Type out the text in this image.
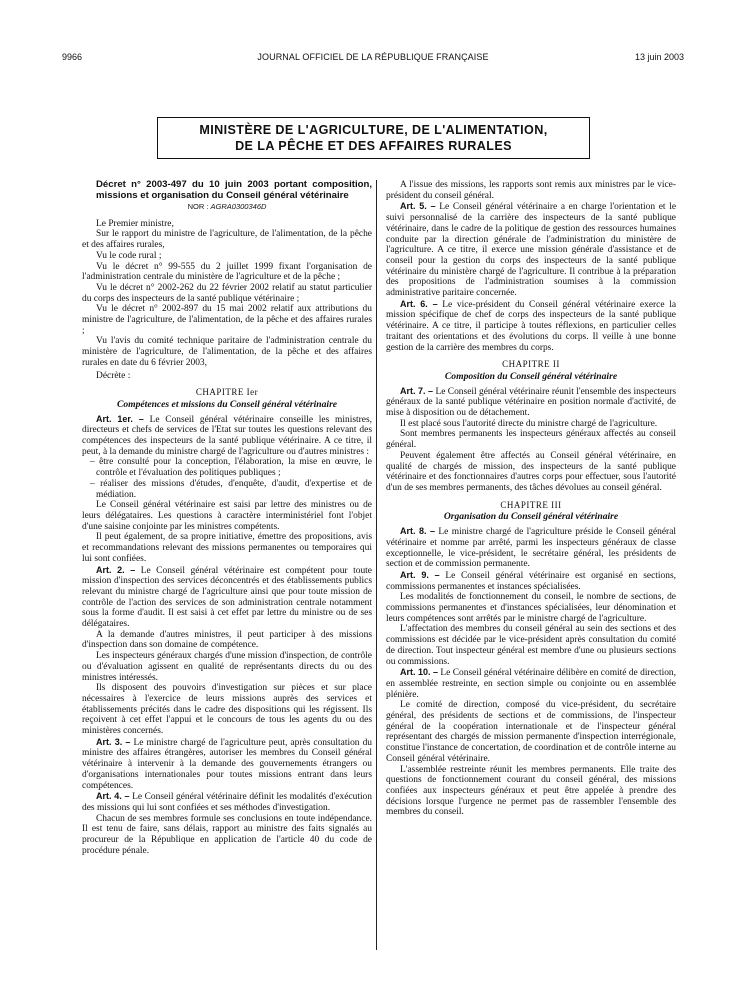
9966	JOURNAL OFFICIEL DE LA RÉPUBLIQUE FRANÇAISE	13 juin 2003
MINISTÈRE DE L'AGRICULTURE, DE L'ALIMENTATION,
DE LA PÊCHE ET DES AFFAIRES RURALES
Décret n° 2003-497 du 10 juin 2003 portant composition, missions et organisation du Conseil général vétérinaire
NOR : AGRA0300346D

Le Premier ministre,

Sur le rapport du ministre de l'agriculture, de l'alimentation, de la pêche et des affaires rurales,

Vu le code rural ;

Vu le décret n° 99-555 du 2 juillet 1999 fixant l'organisation de l'administration centrale du ministère de l'agriculture et de la pêche ;

Vu le décret n° 2002-262 du 22 février 2002 relatif au statut particulier du corps des inspecteurs de la santé publique vétérinaire ;

Vu le décret n° 2002-897 du 15 mai 2002 relatif aux attributions du ministre de l'agriculture, de l'alimentation, de la pêche et des affaires rurales ;

Vu l'avis du comité technique paritaire de l'administration centrale du ministère de l'agriculture, de l'alimentation, de la pêche et des affaires rurales en date du 6 février 2003,

Décrète :

CHAPITRE Ier
Compétences et missions du Conseil général vétérinaire

Art. 1er. – Le Conseil général vétérinaire conseille les ministres, directeurs et chefs de services de l'Etat sur toutes les questions relevant des compétences des inspecteurs de la santé publique vétérinaire. A ce titre, il peut, à la demande du ministre chargé de l'agriculture ou d'autres ministres :

– être consulté pour la conception, l'élaboration, la mise en œuvre, le contrôle et l'évaluation des politiques publiques ;

– réaliser des missions d'études, d'enquête, d'audit, d'expertise et de médiation.

Le Conseil général vétérinaire est saisi par lettre des ministres ou de leurs délégataires. Les questions à caractère interministériel font l'objet d'une saisine conjointe par les ministres compétents.

Il peut également, de sa propre initiative, émettre des propositions, avis et recommandations relevant des missions permanentes ou temporaires qui lui sont confiées.

Art. 2. – Le Conseil général vétérinaire est compétent pour toute mission d'inspection des services déconcentrés et des établissements publics relevant du ministre chargé de l'agriculture ainsi que pour toute mission de contrôle de l'action des services de son administration centrale notamment sous la forme d'audit. Il est saisi à cet effet par lettre du ministre ou de ses délégataires.

A la demande d'autres ministres, il peut participer à des missions d'inspection dans son domaine de compétence.

Les inspecteurs généraux chargés d'une mission d'inspection, de contrôle ou d'évaluation agissent en qualité de représentants directs du ou des ministres intéressés.

Ils disposent des pouvoirs d'investigation sur pièces et sur place nécessaires à l'exercice de leurs missions auprès des services et établissements précités dans le cadre des dispositions qui les régissent. Ils reçoivent à cet effet l'appui et le concours de tous les agents du ou des ministères concernés.

Art. 3. – Le ministre chargé de l'agriculture peut, après consultation du ministre des affaires étrangères, autoriser les membres du Conseil général vétérinaire à intervenir à la demande des gouvernements étrangers ou d'organisations internationales pour toutes missions entrant dans leurs compétences.

Art. 4. – Le Conseil général vétérinaire définit les modalités d'exécution des missions qui lui sont confiées et ses méthodes d'investigation.

Chacun de ses membres formule ses conclusions en toute indépendance. Il est tenu de faire, sans délais, rapport au ministre des faits signalés au procureur de la République en application de l'article 40 du code de procédure pénale.

A l'issue des missions, les rapports sont remis aux ministres par le vice-président du conseil général.

Art. 5. – Le Conseil général vétérinaire a en charge l'orientation et le suivi personnalisé de la carrière des inspecteurs de la santé publique vétérinaire, dans le cadre de la politique de gestion des ressources humaines conduite par la direction générale de l'administration du ministère de l'agriculture. A ce titre, il exerce une mission générale d'assistance et de conseil pour la gestion du corps des inspecteurs de la santé publique vétérinaire du ministère chargé de l'agriculture. Il contribue à la préparation des propositions de l'administration soumises à la commission administrative paritaire concernée.

Art. 6. – Le vice-président du Conseil général vétérinaire exerce la mission spécifique de chef de corps des inspecteurs de la santé publique vétérinaire. A ce titre, il participe à toutes réflexions, en particulier celles traitant des orientations et des évolutions du corps. Il veille à une bonne gestion de la carrière des membres du corps.

CHAPITRE II
Composition du Conseil général vétérinaire

Art. 7. – Le Conseil général vétérinaire réunit l'ensemble des inspecteurs généraux de la santé publique vétérinaire en position normale d'activité, de mise à disposition ou de détachement.

Il est placé sous l'autorité directe du ministre chargé de l'agriculture.

Sont membres permanents les inspecteurs généraux affectés au conseil général.

Peuvent également être affectés au Conseil général vétérinaire, en qualité de chargés de mission, des inspecteurs de la santé publique vétérinaire et des fonctionnaires d'autres corps pour effectuer, sous l'autorité d'un de ses membres permanents, des tâches dévolues au conseil général.

CHAPITRE III
Organisation du Conseil général vétérinaire

Art. 8. – Le ministre chargé de l'agriculture préside le Conseil général vétérinaire et nomme par arrêté, parmi les inspecteurs généraux de classe exceptionnelle, le vice-président, le secrétaire général, les présidents de section et de commission permanente.

Art. 9. – Le Conseil général vétérinaire est organisé en sections, commissions permanentes et instances spécialisées.

Les modalités de fonctionnement du conseil, le nombre de sections, de commissions permanentes et d'instances spécialisées, leur dénomination et leurs compétences sont arrêtés par le ministre chargé de l'agriculture.

L'affectation des membres du conseil général au sein des sections et des commissions est décidée par le vice-président après consultation du comité de direction. Tout inspecteur général est membre d'une ou plusieurs sections ou commissions.

Art. 10. – Le Conseil général vétérinaire délibère en comité de direction, en assemblée restreinte, en section simple ou conjointe ou en assemblée plénière.

Le comité de direction, composé du vice-président, du secrétaire général, des présidents de sections et de commissions, de l'inspecteur général de la coopération internationale et de l'inspecteur général représentant des chargés de mission permanente d'inspection interrégionale, constitue l'instance de concertation, de coordination et de contrôle interne au Conseil général vétérinaire.

L'assemblée restreinte réunit les membres permanents. Elle traite des questions de fonctionnement courant du conseil général, des missions confiées aux inspecteurs généraux et peut être appelée à prendre des décisions lorsque l'urgence ne permet pas de rassembler l'ensemble des membres du conseil.
